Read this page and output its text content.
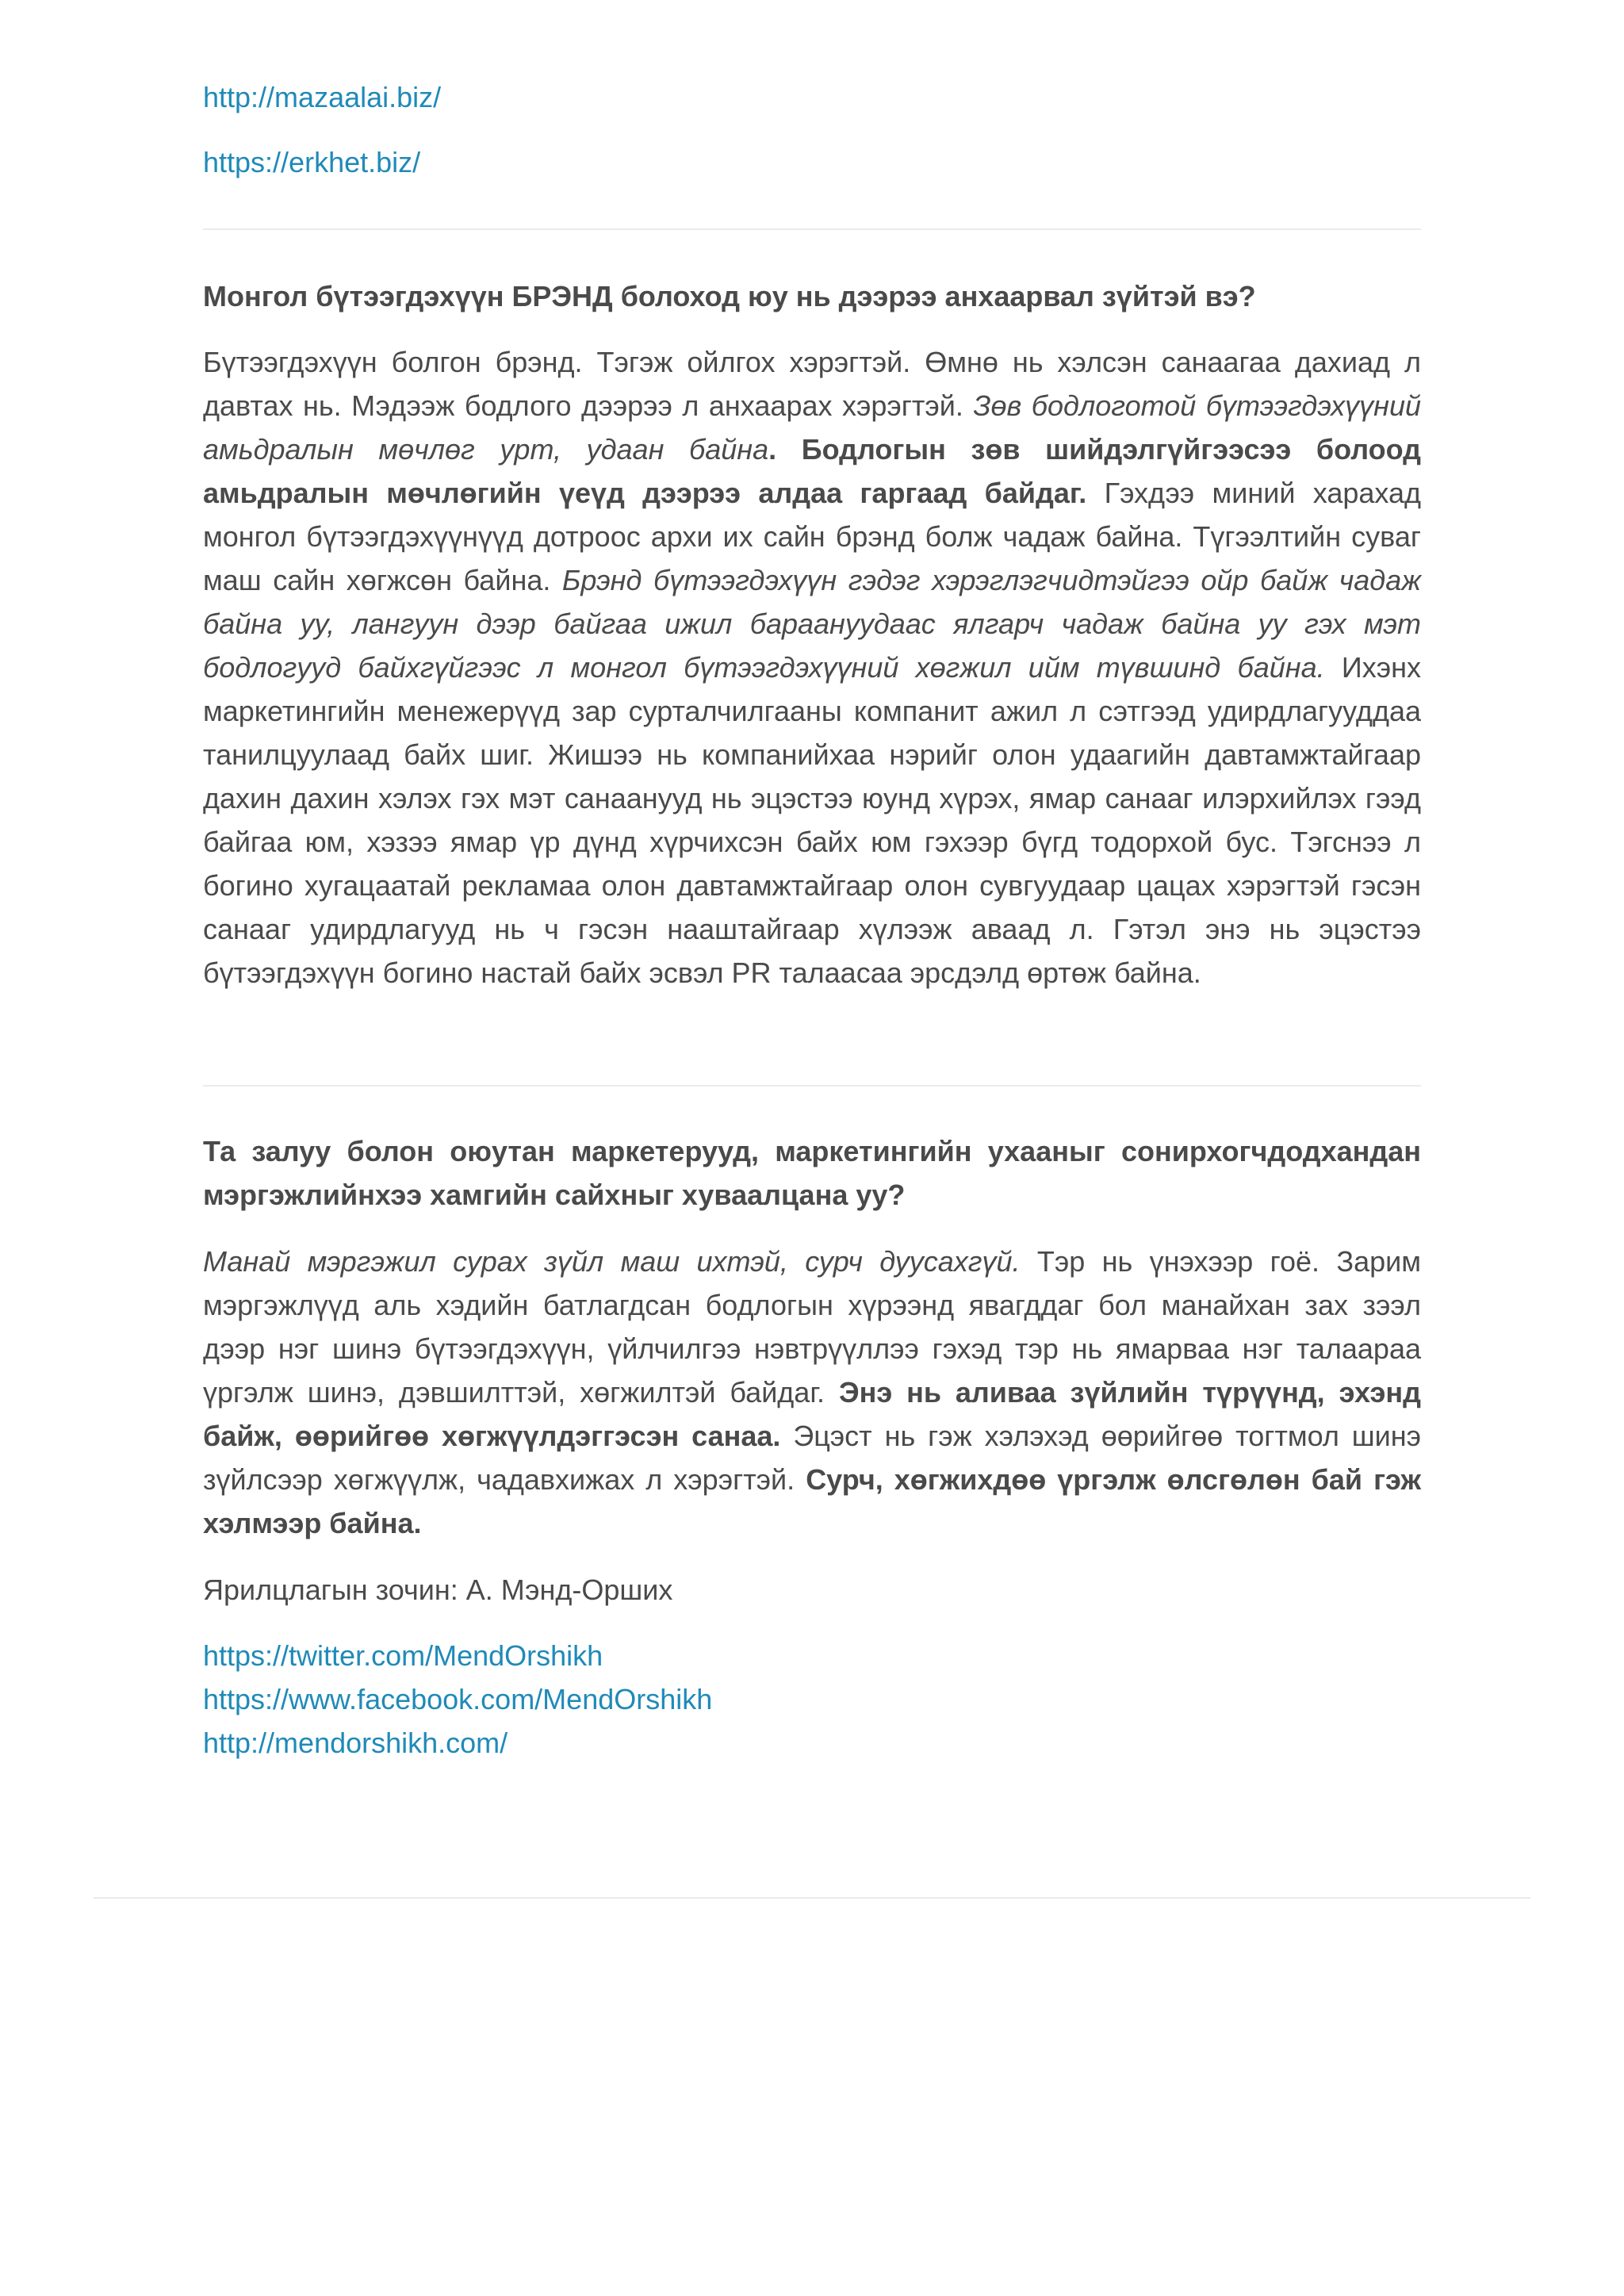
http://mazaalai.biz/
https://erkhet.biz/
Монгол бүтээгдэхүүн БРЭНД болоход юу нь дээрээ анхаарвал зүйтэй вэ?

Бүтээгдэхүүн болгон брэнд. Тэгэж ойлгох хэрэгтэй. Өмнө нь хэлсэн санаагаа дахиад л давтах нь. Мэдээж бодлого дээрээ л анхаарах хэрэгтэй. Зөв бодлоготой бүтээгдэхүүний амьдралын мөчлөг урт, удаан байна. Бодлогын зөв шийдэлгүйгээсээ болоод амьдралын мөчлөгийн үеүд дээрээ алдаа гаргаад байдаг. Гэхдээ миний харахад монгол бүтээгдэхүүнүүд дотроос архи их сайн брэнд болж чадаж байна. Түгээлтийн суваг маш сайн хөгжсөн байна. Брэнд бүтээгдэхүүн гэдэг хэрэглэгчидтэйгээ ойр байж чадаж байна уу, лангуун дээр байгаа ижил бараануудаас ялгарч чадаж байна уу гэх мэт бодлогууд байхгүйгээс л монгол бүтээгдэхүүний хөгжил ийм түвшинд байна. Ихэнх маркетингийн менежерүүд зар сурталчилгааны компанит ажил л сэтгээд удирдлагууддаа танилцуулаад байх шиг. Жишээ нь компанийхаа нэрийг олон удаагийн давтамжтайгаар дахин дахин хэлэх гэх мэт санаанууд нь эцэстээ юунд хүрэх, ямар санааг илэрхийлэх гээд байгаа юм, хэзээ ямар үр дүнд хүрчихсэн байх юм гэхээр бүгд тодорхой бус. Тэгснээ л богино хугацаатай рекламаа олон давтамжтайгаар олон сувгуудаар цацах хэрэгтэй гэсэн санааг удирдлагууд нь ч гэсэн нааштайгаар хүлээж аваад л. Гэтэл энэ нь эцэстээ бүтээгдэхүүн богино настай байх эсвэл PR талаасаа эрсдэлд өртөж байна.

Та залуу болон оюутан маркетерууд, маркетингийн ухааныг сонирхогчдодхандан мэргэжлийнхээ хамгийн сайхныг хуваалцана уу?

Манай мэргэжил сурах зүйл маш ихтэй, сурч дуусахгүй. Тэр нь үнэхээр гоё. Зарим мэргэжлүүд аль хэдийн батлагдсан бодлогын хүрээнд явагддаг бол манайхан зах зээл дээр нэг шинэ бүтээгдэхүүн, үйлчилгээ нэвтрүүллээ гэхэд тэр нь ямарваа нэг талаараа үргэлж шинэ, дэвшилттэй, хөгжилтэй байдаг. Энэ нь аливаа зүйлийн түрүүнд, эхэнд байж, өөрийгөө хөгжүүлдэггэсэн санаа. Эцэст нь гэж хэлэхэд өөрийгөө тогтмол шинэ зүйлсээр хөгжүүлж, чадавхижах л хэрэгтэй. Сурч, хөгжихдөө үргэлж өлсгөлөн бай гэж хэлмээр байна.

Ярилцлагын зочин: А. Мэнд-Орших

https://twitter.com/MendOrshikh
https://www.facebook.com/MendOrshikh
http://mendorshikh.com/
